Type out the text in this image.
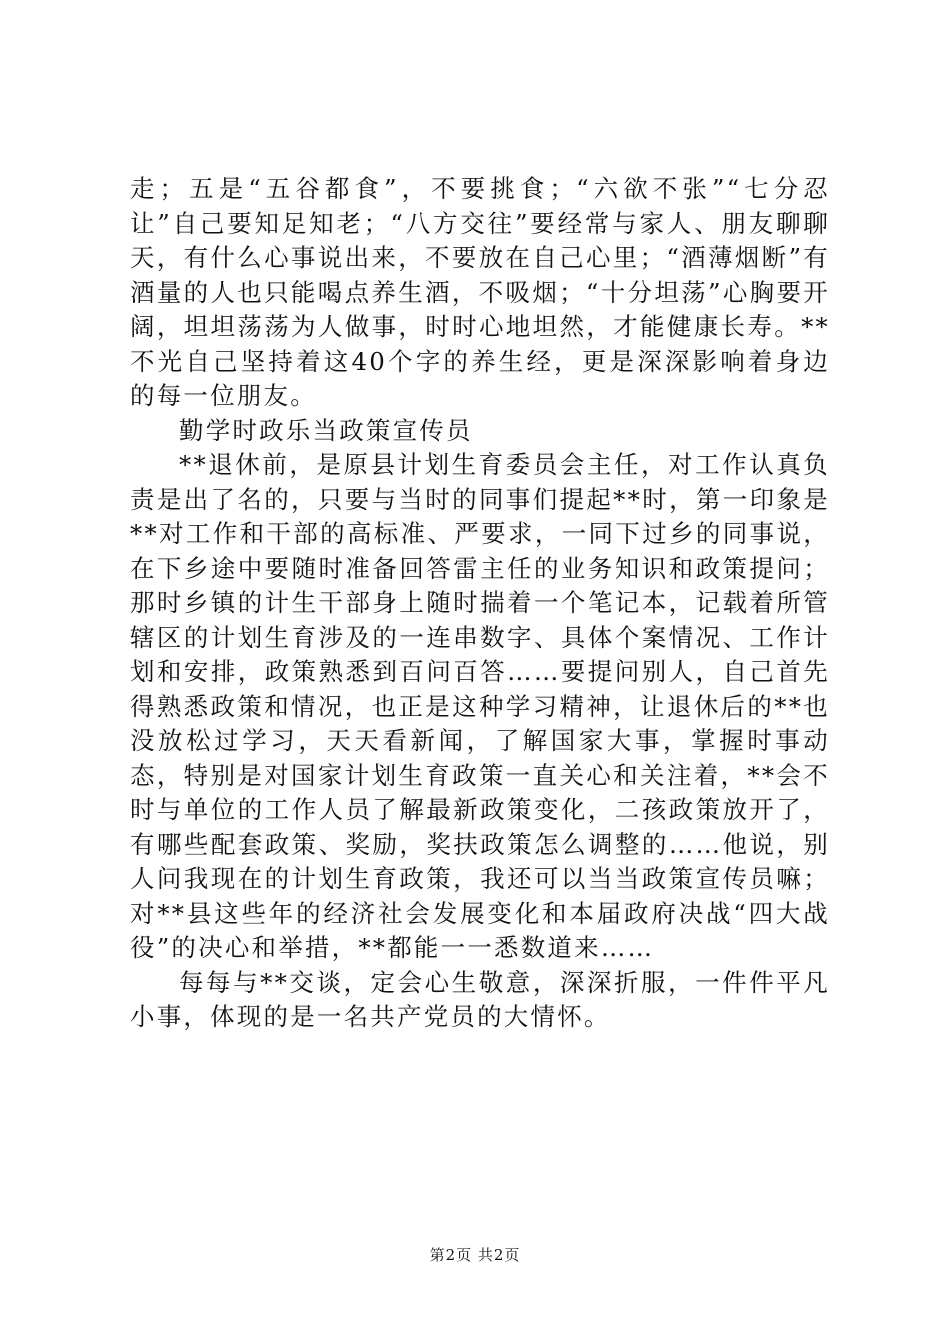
走；五是“五谷都食”，不要挑食；“六欲不张”“七分忍让”自己要知足知老；“八方交往”要经常与家人、朋友聊聊天，有什么心事说出来，不要放在自己心里；“酒薄烟断”有酒量的人也只能喝点养生酒，不吸烟；“十分坦荡”心胸要开阔，坦坦荡荡为人做事，时时心地坦然，才能健康长寿。**不光自己坚持着这40个字的养生经，更是深深影响着身边的每一位朋友。

勤学时政乐当政策宣传员

**退休前，是原县计划生育委员会主任，对工作认真负责是出了名的，只要与当时的同事们提起**时，第一印象是**对工作和干部的高标准、严要求，一同下过乡的同事说，在下乡途中要随时准备回答雷主任的业务知识和政策提问；那时乡镇的计生干部身上随时揣着一个笔记本，记载着所管辖区的计划生育涉及的一连串数字、具体个案情况、工作计划和安排，政策熟悉到百问百答……要提问别人，自己首先得熟悉政策和情况，也正是这种学习精神，让退休后的**也没放松过学习，天天看新闻，了解国家大事，掌握时事动态，特别是对国家计划生育政策一直关心和关注着，**会不时与单位的工作人员了解最新政策变化，二孩政策放开了，有哪些配套政策、奖励，奖扶政策怎么调整的……他说，别人问我现在的计划生育政策，我还可以当当政策宣传员嘛；对**县这些年的经济社会发展变化和本届政府决战“四大战役”的决心和举措，**都能一一悉数道来……

每每与**交谈，定会心生敬意，深深折服，一件件平凡小事，体现的是一名共产党员的大情怀。

第2页 共2页
